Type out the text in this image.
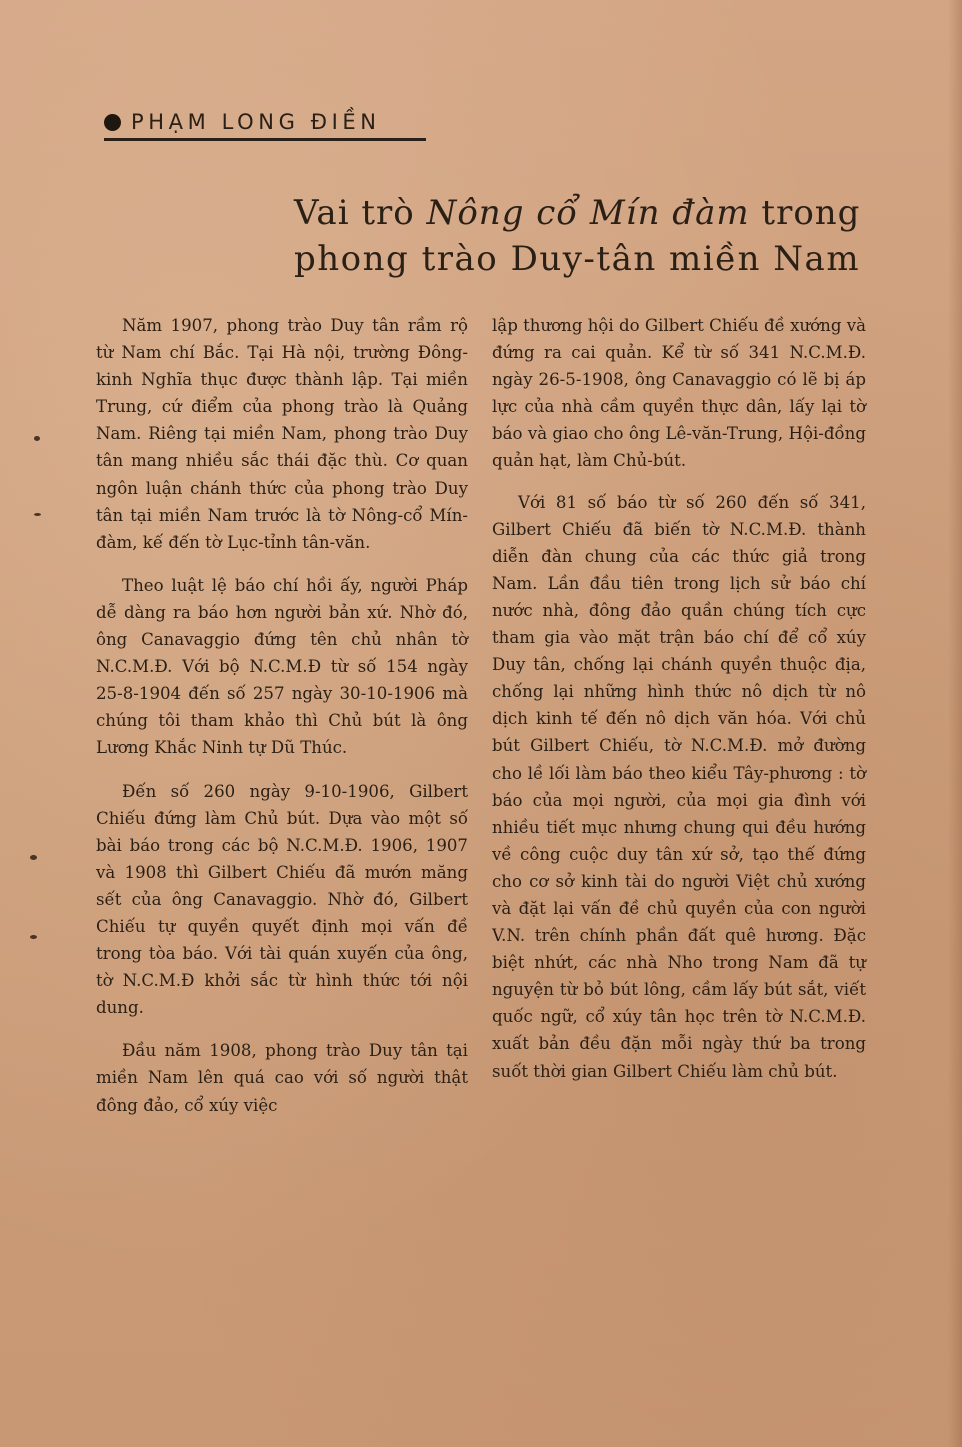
PHẠM LONG ĐIỀN
Vai trò Nông cổ Mín đàm trong
phong trào Duy-tân miền Nam

Năm 1907, phong trào Duy tân rầm rộ từ Nam chí Bắc. Tại Hà nội, trường Đông-kinh Nghĩa thục được thành lập. Tại miền Trung, cứ điểm của phong trào là Quảng Nam. Riêng tại miền Nam, phong trào Duy tân mang nhiều sắc thái đặc thù. Cơ quan ngôn luận chánh thức của phong trào Duy tân tại miền Nam trước là tờ Nông-cổ Mín-đàm, kế đến tờ Lục-tỉnh tân-văn.

Theo luật lệ báo chí hồi ấy, người Pháp dễ dàng ra báo hơn người bản xứ. Nhờ đó, ông Canavaggio đứng tên chủ nhân tờ N.C.M.Đ. Với bộ N.C.M.Đ từ số 154 ngày 25-8-1904 đến số 257 ngày 30-10-1906 mà chúng tôi tham khảo thì Chủ bút là ông Lương Khắc Ninh tự Dũ Thúc.

Đến số 260 ngày 9-10-1906, Gilbert Chiếu đứng làm Chủ bút. Dựa vào một số bài báo trong các bộ N.C.M.Đ. 1906, 1907 và 1908 thì Gilbert Chiếu đã mướn măng sết của ông Canavaggio. Nhờ đó, Gilbert Chiếu tự quyền quyết định mọi vấn đề trong tòa báo. Với tài quán xuyến của ông, tờ N.C.M.Đ khởi sắc từ hình thức tới nội dung.

Đầu năm 1908, phong trào Duy tân tại miền Nam lên quá cao với số người thật đông đảo, cổ xúy việc

lập thương hội do Gilbert Chiếu đề xướng và đứng ra cai quản. Kể từ số 341 N.C.M.Đ. ngày 26-5-1908, ông Canavaggio có lẽ bị áp lực của nhà cầm quyền thực dân, lấy lại tờ báo và giao cho ông Lê-văn-Trung, Hội-đồng quản hạt, làm Chủ-bút.

Với 81 số báo từ số 260 đến số 341, Gilbert Chiếu đã biến tờ N.C.M.Đ. thành diễn đàn chung của các thức giả trong Nam. Lần đầu tiên trong lịch sử báo chí nước nhà, đông đảo quần chúng tích cực tham gia vào mặt trận báo chí để cổ xúy Duy tân, chống lại chánh quyền thuộc địa, chống lại những hình thức nô dịch từ nô dịch kinh tế đến nô dịch văn hóa. Với chủ bút Gilbert Chiếu, tờ N.C.M.Đ. mở đường cho lề lối làm báo theo kiểu Tây-phương : tờ báo của mọi người, của mọi gia đình với nhiều tiết mục nhưng chung qui đều hướng về công cuộc duy tân xứ sở, tạo thế đứng cho cơ sở kinh tài do người Việt chủ xướng và đặt lại vấn đề chủ quyền của con người V.N. trên chính phần đất quê hương. Đặc biệt nhứt, các nhà Nho trong Nam đã tự nguyện từ bỏ bút lông, cầm lấy bút sắt, viết quốc ngữ, cổ xúy tân học trên tờ N.C.M.Đ. xuất bản đều đặn mỗi ngày thứ ba trong suốt thời gian Gilbert Chiếu làm chủ bút.
